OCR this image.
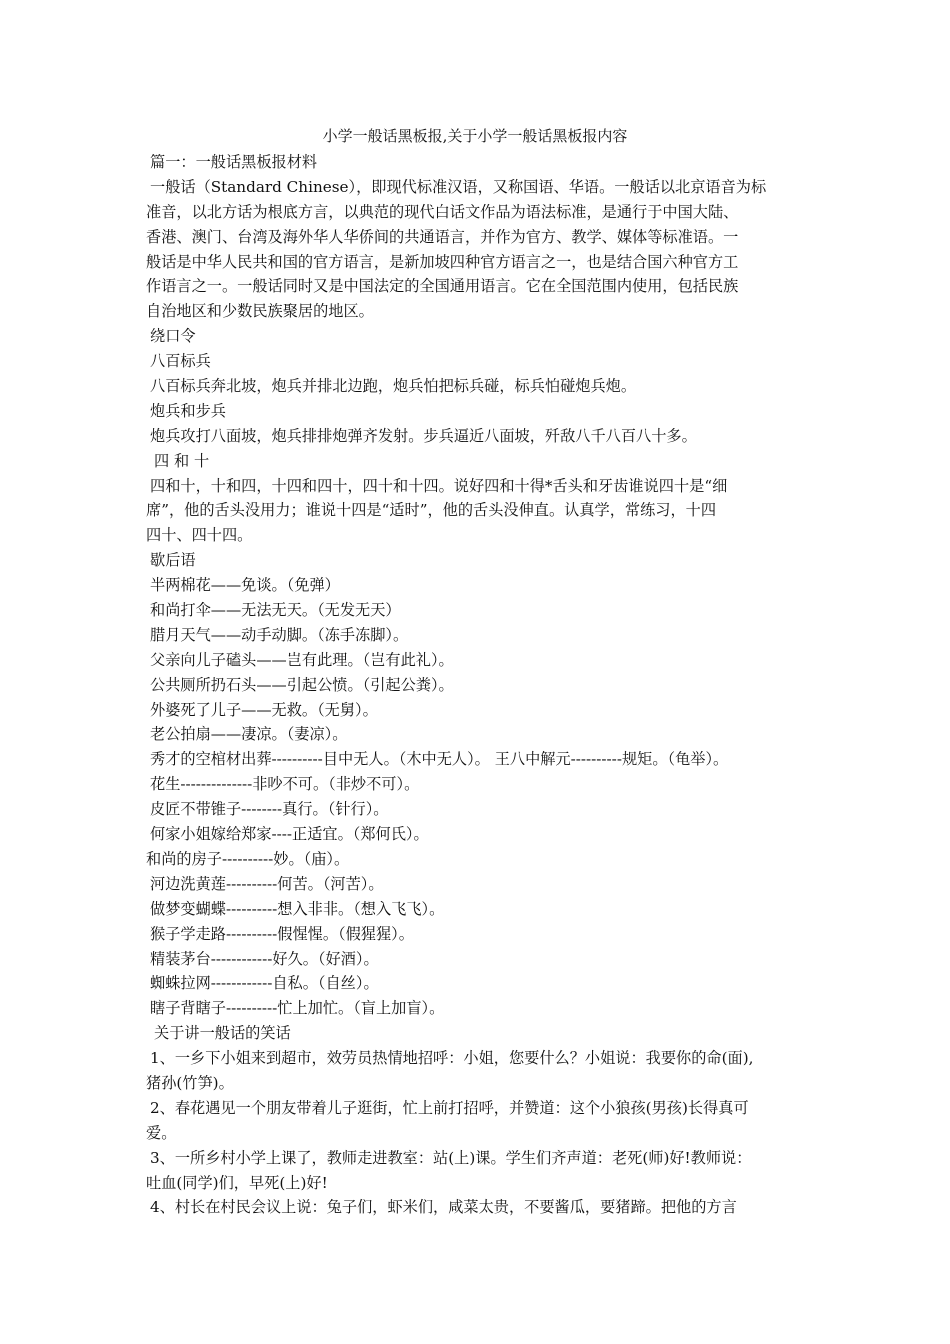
小学一般话黑板报,关于小学一般话黑板报内容
篇一：一般话黑板报材料
一般话（Standard Chinese），即现代标准汉语，又称国语、华语。一般话以北京语音为标
准音，以北方话为根底方言，以典范的现代白话文作品为语法标准，是通行于中国大陆、
香港、澳门、台湾及海外华人华侨间的共通语言，并作为官方、教学、媒体等标准语。一
般话是中华人民共和国的官方语言，是新加坡四种官方语言之一，也是结合国六种官方工
作语言之一。一般话同时又是中国法定的全国通用语言。它在全国范围内使用，包括民族
自治地区和少数民族聚居的地区。
绕口令
八百标兵
八百标兵奔北坡，炮兵并排北边跑，炮兵怕把标兵碰，标兵怕碰炮兵炮。
炮兵和步兵
炮兵攻打八面坡，炮兵排排炮弹齐发射。步兵逼近八面坡，歼敌八千八百八十多。
四 和 十
四和十，十和四，十四和四十，四十和十四。说好四和十得*舌头和牙齿谁说四十是“细
席”，他的舌头没用力；谁说十四是“适时”，他的舌头没伸直。认真学，常练习，十四
四十、四十四。
歇后语
半两棉花——免谈。（免弹）
和尚打伞——无法无天。（无发无天）
腊月天气——动手动脚。（冻手冻脚）。
父亲向儿子磕头——岂有此理。（岂有此礼）。
公共厕所扔石头——引起公愤。（引起公粪）。
外婆死了儿子——无救。（无舅）。
老公拍扇——凄凉。（妻凉）。
秀才的空棺材出葬----------目中无人。（木中无人）。 王八中解元----------规矩。（龟举）。
花生--------------非吵不可。（非炒不可）。
皮匠不带锥子--------真行。（针行）。
何家小姐嫁给郑家----正适宜。（郑何氏）。
和尚的房子----------妙。（庙）。
河边洗黄莲----------何苦。（河苦）。
做梦变蝴蝶----------想入非非。（想入飞飞）。
猴子学走路----------假惺惺。（假猩猩）。
精装茅台------------好久。（好酒）。
蜘蛛拉网------------自私。（自丝）。
瞎子背瞎子----------忙上加忙。（盲上加盲）。
关于讲一般话的笑话
1、一乡下小姐来到超市，效劳员热情地招呼：小姐，您要什么？小姐说：我要你的命(面),
猪孙(竹笋)。
2、春花遇见一个朋友带着儿子逛街，忙上前打招呼，并赞道：这个小狼孩(男孩)长得真可
爱。
3、一所乡村小学上课了，教师走进教室：站(上)课。学生们齐声道：老死(师)好!教师说：
吐血(同学)们，早死(上)好!
4、村长在村民会议上说：兔子们，虾米们，咸菜太贵，不要酱瓜，要猪蹄。把他的方言
